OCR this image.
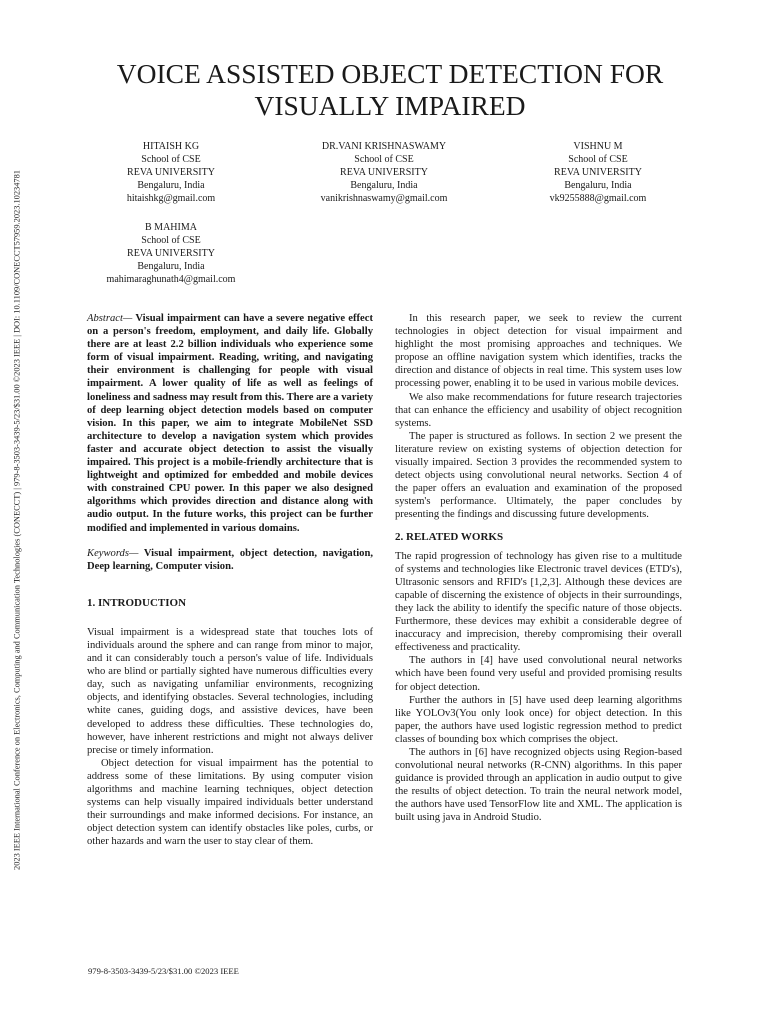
2023 IEEE International Conference on Electronics, Computing and Communication Technologies (CONECCT) | 979-8-3503-3439-5/23/$31.00 ©2023 IEEE | DOI: 10.1109/CONECCT57959.2023.10234781
VOICE ASSISTED OBJECT DETECTION FOR
VISUALLY IMPAIRED
HITAISH KG
School of CSE
REVA UNIVERSITY
Bengaluru, India
hitaishkg@gmail.com
DR.VANI KRISHNASWAMY
School of CSE
REVA UNIVERSITY
Bengaluru, India
vanikrishnaswamy@gmail.com
VISHNU M
School of CSE
REVA UNIVERSITY
Bengaluru, India
vk9255888@gmail.com
B MAHIMA
School of CSE
REVA UNIVERSITY
Bengaluru, India
mahimaraghunath4@gmail.com

Abstract— Visual impairment can have a severe negative effect on a person's freedom, employment, and daily life. Globally there are at least 2.2 billion individuals who experience some form of visual impairment. Reading, writing, and navigating their environment is challenging for people with visual impairment. A lower quality of life as well as feelings of loneliness and sadness may result from this. There are a variety of deep learning object detection models based on computer vision. In this paper, we aim to integrate MobileNet SSD architecture to develop a navigation system which provides faster and accurate object detection to assist the visually impaired. This project is a mobile-friendly architecture that is lightweight and optimized for embedded and mobile devices with constrained CPU power. In this paper we also designed algorithms which provides direction and distance along with audio output. In the future works, this project can be further modified and implemented in various domains.

Keywords— Visual impairment, object detection, navigation, Deep learning, Computer vision.

1. INTRODUCTION

Visual impairment is a widespread state that touches lots of individuals around the sphere and can range from minor to major, and it can considerably touch a person's value of life. Individuals who are blind or partially sighted have numerous difficulties every day, such as navigating unfamiliar environments, recognizing objects, and identifying obstacles. Several technologies, including white canes, guiding dogs, and assistive devices, have been developed to address these difficulties. These technologies do, however, have inherent restrictions and might not always deliver precise or timely information.

Object detection for visual impairment has the potential to address some of these limitations. By using computer vision algorithms and machine learning techniques, object detection systems can help visually impaired individuals better understand their surroundings and make informed decisions. For instance, an object detection system can identify obstacles like poles, curbs, or other hazards and warn the user to stay clear of them.

In this research paper, we seek to review the current technologies in object detection for visual impairment and highlight the most promising approaches and techniques. We propose an offline navigation system which identifies, tracks the direction and distance of objects in real time. This system uses low processing power, enabling it to be used in various mobile devices.

We also make recommendations for future research trajectories that can enhance the efficiency and usability of object recognition systems.

The paper is structured as follows. In section 2 we present the literature review on existing systems of objection detection for visually impaired. Section 3 provides the recommended system to detect objects using convolutional neural networks. Section 4 of the paper offers an evaluation and examination of the proposed system's performance. Ultimately, the paper concludes by presenting the findings and discussing future developments.

2. RELATED WORKS

The rapid progression of technology has given rise to a multitude of systems and technologies like Electronic travel devices (ETD's), Ultrasonic sensors and RFID's [1,2,3]. Although these devices are capable of discerning the existence of objects in their surroundings, they lack the ability to identify the specific nature of those objects. Furthermore, these devices may exhibit a considerable degree of inaccuracy and imprecision, thereby compromising their overall effectiveness and practicality.

The authors in [4] have used convolutional neural networks which have been found very useful and provided promising results for object detection.

Further the authors in [5] have used deep learning algorithms like YOLOv3(You only look once) for object detection. In this paper, the authors have used logistic regression method to predict classes of bounding box which comprises the object.

The authors in [6] have recognized objects using Region-based convolutional neural networks (R-CNN) algorithms. In this paper guidance is provided through an application in audio output to give the results of object detection. To train the neural network model, the authors have used TensorFlow lite and XML. The application is built using java in Android Studio.

979-8-3503-3439-5/23/$31.00 ©2023 IEEE
